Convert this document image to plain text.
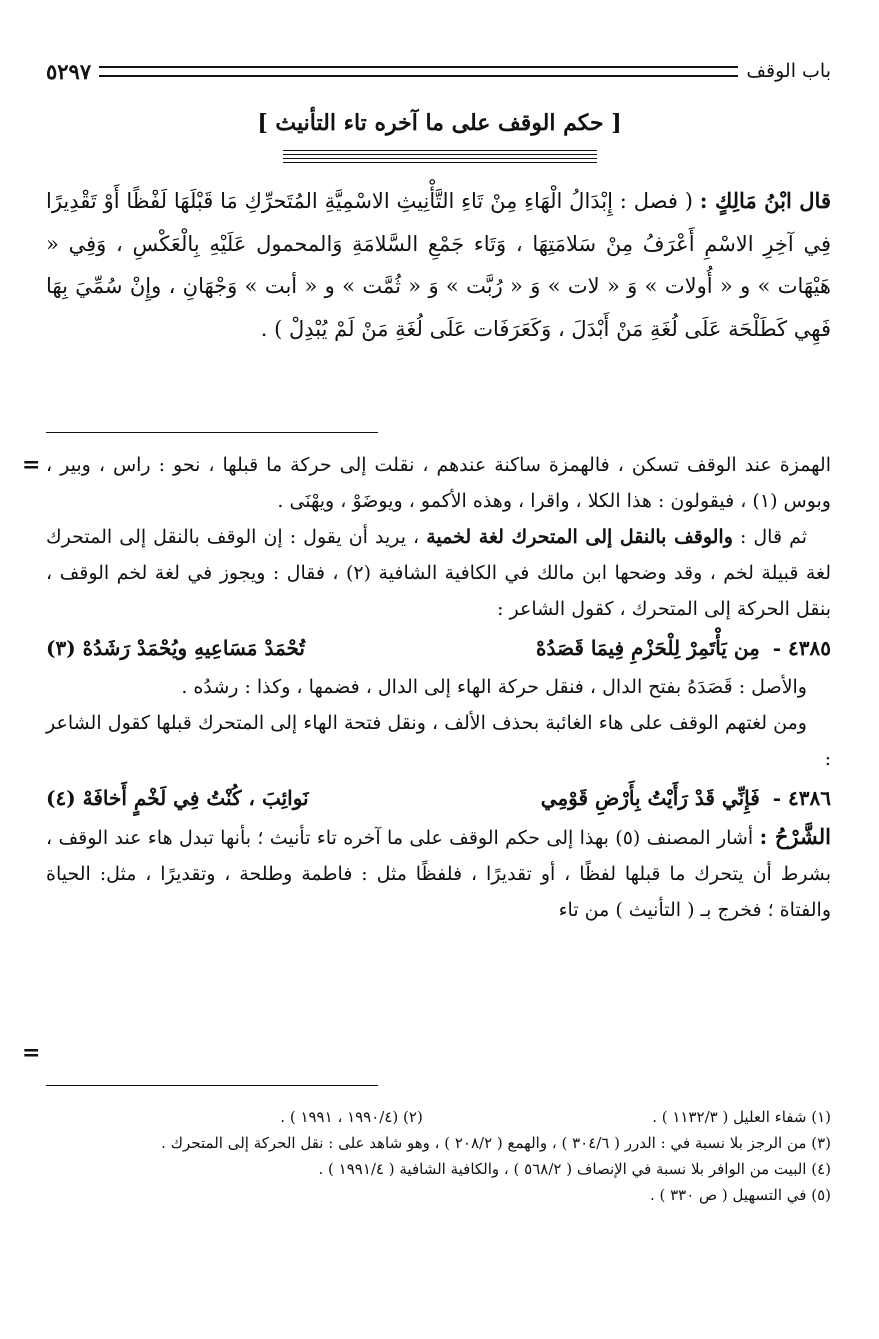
باب الوقف
٥٢٩٧
[ حكم الوقف على ما آخره تاء التأنيث ]
قال ابْنُ مَالِكٍ : ( فصل : إِبْدَالُ الْهَاءِ مِنْ تَاءِ التَّأْنِيثِ الاسْمِيَّةِ المُتَحرِّكِ مَا قَبْلَهَا لَفْظًا أَوْ تَقْدِيرًا فِي آخِرِ الاسْمِ أَعْرَفُ مِنْ سَلامَتِهَا ، وَتَاء جَمْعِ السَّلامَةِ وَالمحمول عَلَيْهِ بِالْعَكْسِ ، وَفِي « هَيْهَات » و « أُولات » وَ « لات » وَ « رُبَّت » وَ « ثُمَّت » و « أبت » وَجْهَانِ ، وإِنْ سُمِّيَ بِهَا فَهِي كَطَلْحَة عَلَى لُغَةِ مَنْ أَبْدَلَ ، وَكَعَرَفَات عَلَى لُغَةِ مَنْ لَمْ يُبْدِلْ ) .
= الهمزة عند الوقف تسكن ، فالهمزة ساكنة عندهم ، نقلت إلى حركة ما قبلها ، نحو : راس ، وبير ، وبوس (١) ، فيقولون : هذا الكلا ، واقرا ، وهذه الأكمو ، ويوضَوْ ، ويهْنَى .

ثم قال : والوقف بالنقل إلى المتحرك لغة لخمية ، يريد أن يقول : إن الوقف بالنقل إلى المتحرك لغة قبيلة لخم ، وقد وضحها ابن مالك في الكافية الشافية (٢) ، فقال : ويجوز في لغة لخم الوقف ، بنقل الحركة إلى المتحرك ، كقول الشاعر :

٤٣٨٥ - مِن يَأْتَمِرْ لِلْحَزْمِ فِيمَا قَصَدُهْ
تُحْمَدْ مَسَاعِيهِ ويُحْمَدْ رَشَدُهْ (٣)

والأصل : قَصَدَهُ بفتح الدال ، فنقل حركة الهاء إلى الدال ، فضمها ، وكذا : رشدُه .

ومن لغتهم الوقف على هاء الغائبة بحذف الألف ، ونقل فتحة الهاء إلى المتحرك قبلها كقول الشاعر :

٤٣٨٦ - فَإِنِّي قَدْ رَأَيْتُ بِأَرْضِ قَوْمِي
نَوائِبَ ، كُنْتُ فِي لَخْمٍ أَخافَهْ (٤)

الشَّرْحُ : أشار المصنف (٥) بهذا إلى حكم الوقف على ما آخره تاء تأنيث ؛ بأنها تبدل هاء عند الوقف ، بشرط أن يتحرك ما قبلها لفظًا ، أو تقديرًا ، فلفظًا مثل : فاطمة وطلحة ، وتقديرًا ، مثل: الحياة والفتاة ؛ فخرج بـ ( التأنيث ) من تاء

=
(١) شفاء العليل ( ١١٣٢/٣ ) .
(٢) (١٩٩٠/٤ ، ١٩٩١ ) .
(٣) من الرجز بلا نسبة في : الدرر ( ٣٠٤/٦ ) ، والهمع ( ٢٠٨/٢ ) ، وهو شاهد على : نقل الحركة إلى المتحرك .
(٤) البيت من الوافر بلا نسبة في الإنصاف ( ٥٦٨/٢ ) ، والكافية الشافية ( ١٩٩١/٤ ) .
(٥) في التسهيل ( ص ٣٣٠ ) .
